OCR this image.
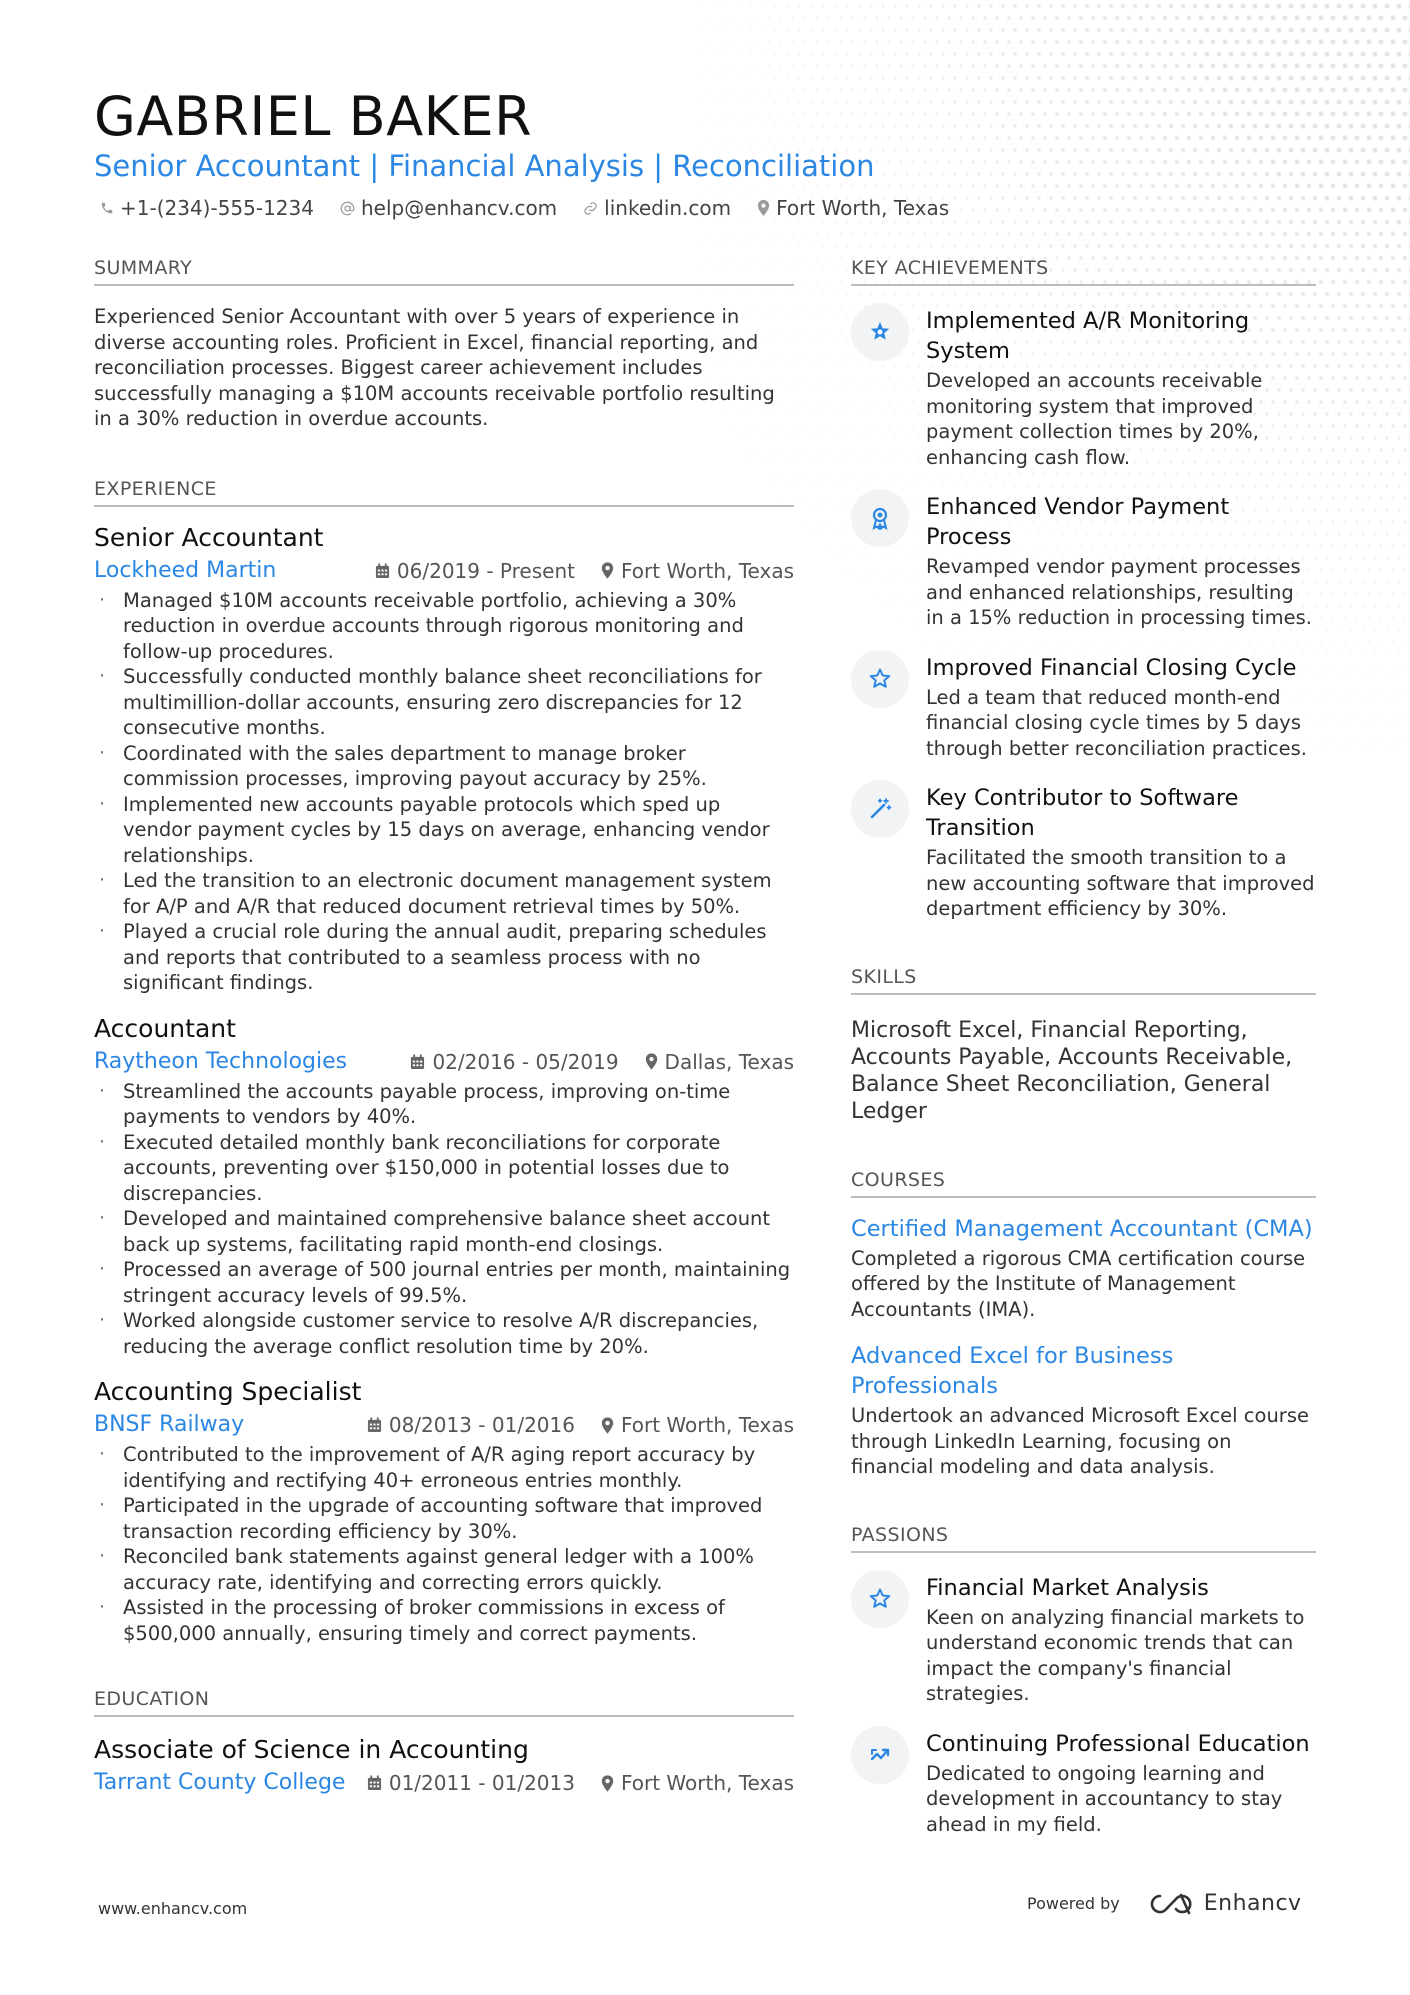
GABRIEL BAKER
Senior Accountant | Financial Analysis | Reconciliation
+1-(234)-555-1234 help@enhancv.com linkedin.com Fort Worth, Texas
SUMMARY
Experienced Senior Accountant with over 5 years of experience in diverse accounting roles. Proficient in Excel, financial reporting, and reconciliation processes. Biggest career achievement includes successfully managing a $10M accounts receivable portfolio resulting in a 30% reduction in overdue accounts.
EXPERIENCE
Senior Accountant
Lockheed Martin	06/2019 - Present Fort Worth, Texas
· Managed $10M accounts receivable portfolio, achieving a 30% reduction in overdue accounts through rigorous monitoring and follow-up procedures.
· Successfully conducted monthly balance sheet reconciliations for multimillion-dollar accounts, ensuring zero discrepancies for 12 consecutive months.
· Coordinated with the sales department to manage broker commission processes, improving payout accuracy by 25%.
· Implemented new accounts payable protocols which sped up vendor payment cycles by 15 days on average, enhancing vendor relationships.
· Led the transition to an electronic document management system for A/P and A/R that reduced document retrieval times by 50%.
· Played a crucial role during the annual audit, preparing schedules and reports that contributed to a seamless process with no significant findings.
Accountant
Raytheon Technologies	02/2016 - 05/2019 Dallas, Texas
· Streamlined the accounts payable process, improving on-time payments to vendors by 40%.
· Executed detailed monthly bank reconciliations for corporate accounts, preventing over $150,000 in potential losses due to discrepancies.
· Developed and maintained comprehensive balance sheet account back up systems, facilitating rapid month-end closings.
· Processed an average of 500 journal entries per month, maintaining stringent accuracy levels of 99.5%.
· Worked alongside customer service to resolve A/R discrepancies, reducing the average conflict resolution time by 20%.
Accounting Specialist
BNSF Railway	08/2013 - 01/2016 Fort Worth, Texas
· Contributed to the improvement of A/R aging report accuracy by identifying and rectifying 40+ erroneous entries monthly.
· Participated in the upgrade of accounting software that improved transaction recording efficiency by 30%.
· Reconciled bank statements against general ledger with a 100% accuracy rate, identifying and correcting errors quickly.
· Assisted in the processing of broker commissions in excess of $500,000 annually, ensuring timely and correct payments.
EDUCATION
Associate of Science in Accounting
Tarrant County College 01/2011 - 01/2013 Fort Worth, Texas
KEY ACHIEVEMENTS
Implemented A/R Monitoring System
Developed an accounts receivable monitoring system that improved payment collection times by 20%, enhancing cash flow.
Enhanced Vendor Payment Process
Revamped vendor payment processes and enhanced relationships, resulting in a 15% reduction in processing times.
Improved Financial Closing Cycle
Led a team that reduced month-end financial closing cycle times by 5 days through better reconciliation practices.
Key Contributor to Software Transition
Facilitated the smooth transition to a new accounting software that improved department efficiency by 30%.
SKILLS
Microsoft Excel, Financial Reporting, Accounts Payable, Accounts Receivable, Balance Sheet Reconciliation, General Ledger
COURSES
Certified Management Accountant (CMA)
Completed a rigorous CMA certification course offered by the Institute of Management Accountants (IMA).
Advanced Excel for Business Professionals
Undertook an advanced Microsoft Excel course through LinkedIn Learning, focusing on financial modeling and data analysis.
PASSIONS
Financial Market Analysis
Keen on analyzing financial markets to understand economic trends that can impact the company's financial strategies.
Continuing Professional Education
Dedicated to ongoing learning and development in accountancy to stay ahead in my field.
www.enhancv.com	Powered by	Enhancv
